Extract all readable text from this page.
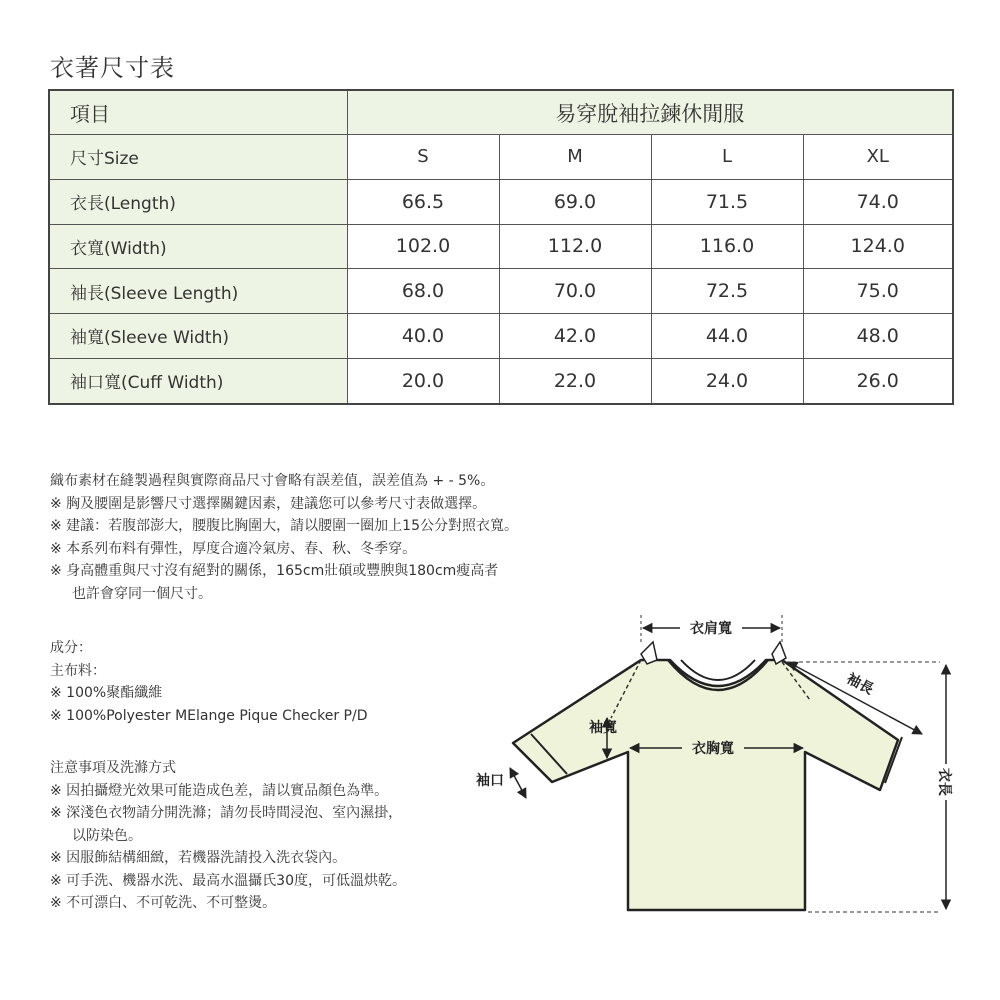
衣著尺寸表
項目	易穿脫袖拉鍊休閒服			
尺寸Size	S	M	L	XL
衣長(Length)	66.5	69.0	71.5	74.0
衣寬(Width)	102.0	112.0	116.0	124.0
袖長(Sleeve Length)	68.0	70.0	72.5	75.0
袖寬(Sleeve Width)	40.0	42.0	44.0	48.0
袖口寬(Cuff Width)	20.0	22.0	24.0	26.0
織布素材在縫製過程與實際商品尺寸會略有誤差值，誤差值為 + - 5%。
※ 胸及腰圍是影響尺寸選擇關鍵因素，建議您可以參考尺寸表做選擇。
※ 建議：若腹部澎大，腰腹比胸圍大，請以腰圍一圈加上15公分對照衣寬。
※ 本系列布料有彈性，厚度合適冷氣房、春、秋、冬季穿。
※ 身高體重與尺寸沒有絕對的關係，165cm壯碩或豐腴與180cm瘦高者
也許會穿同一個尺寸。
成分：
主布料：
※ 100%聚酯纖維
※ 100%Polyester MElange Pique Checker P/D
注意事項及洗滌方式
※ 因拍攝燈光效果可能造成色差，請以實品顏色為準。
※ 深淺色衣物請分開洗滌；請勿長時間浸泡、室內濕掛，
以防染色。
※ 因服飾結構細緻，若機器洗請投入洗衣袋內。
※ 可手洗、機器水洗、最高水溫攝氏30度，可低溫烘乾。
※ 不可漂白、不可乾洗、不可整燙。
衣肩寬
袖長
袖寬
衣胸寬
袖口	衣長
